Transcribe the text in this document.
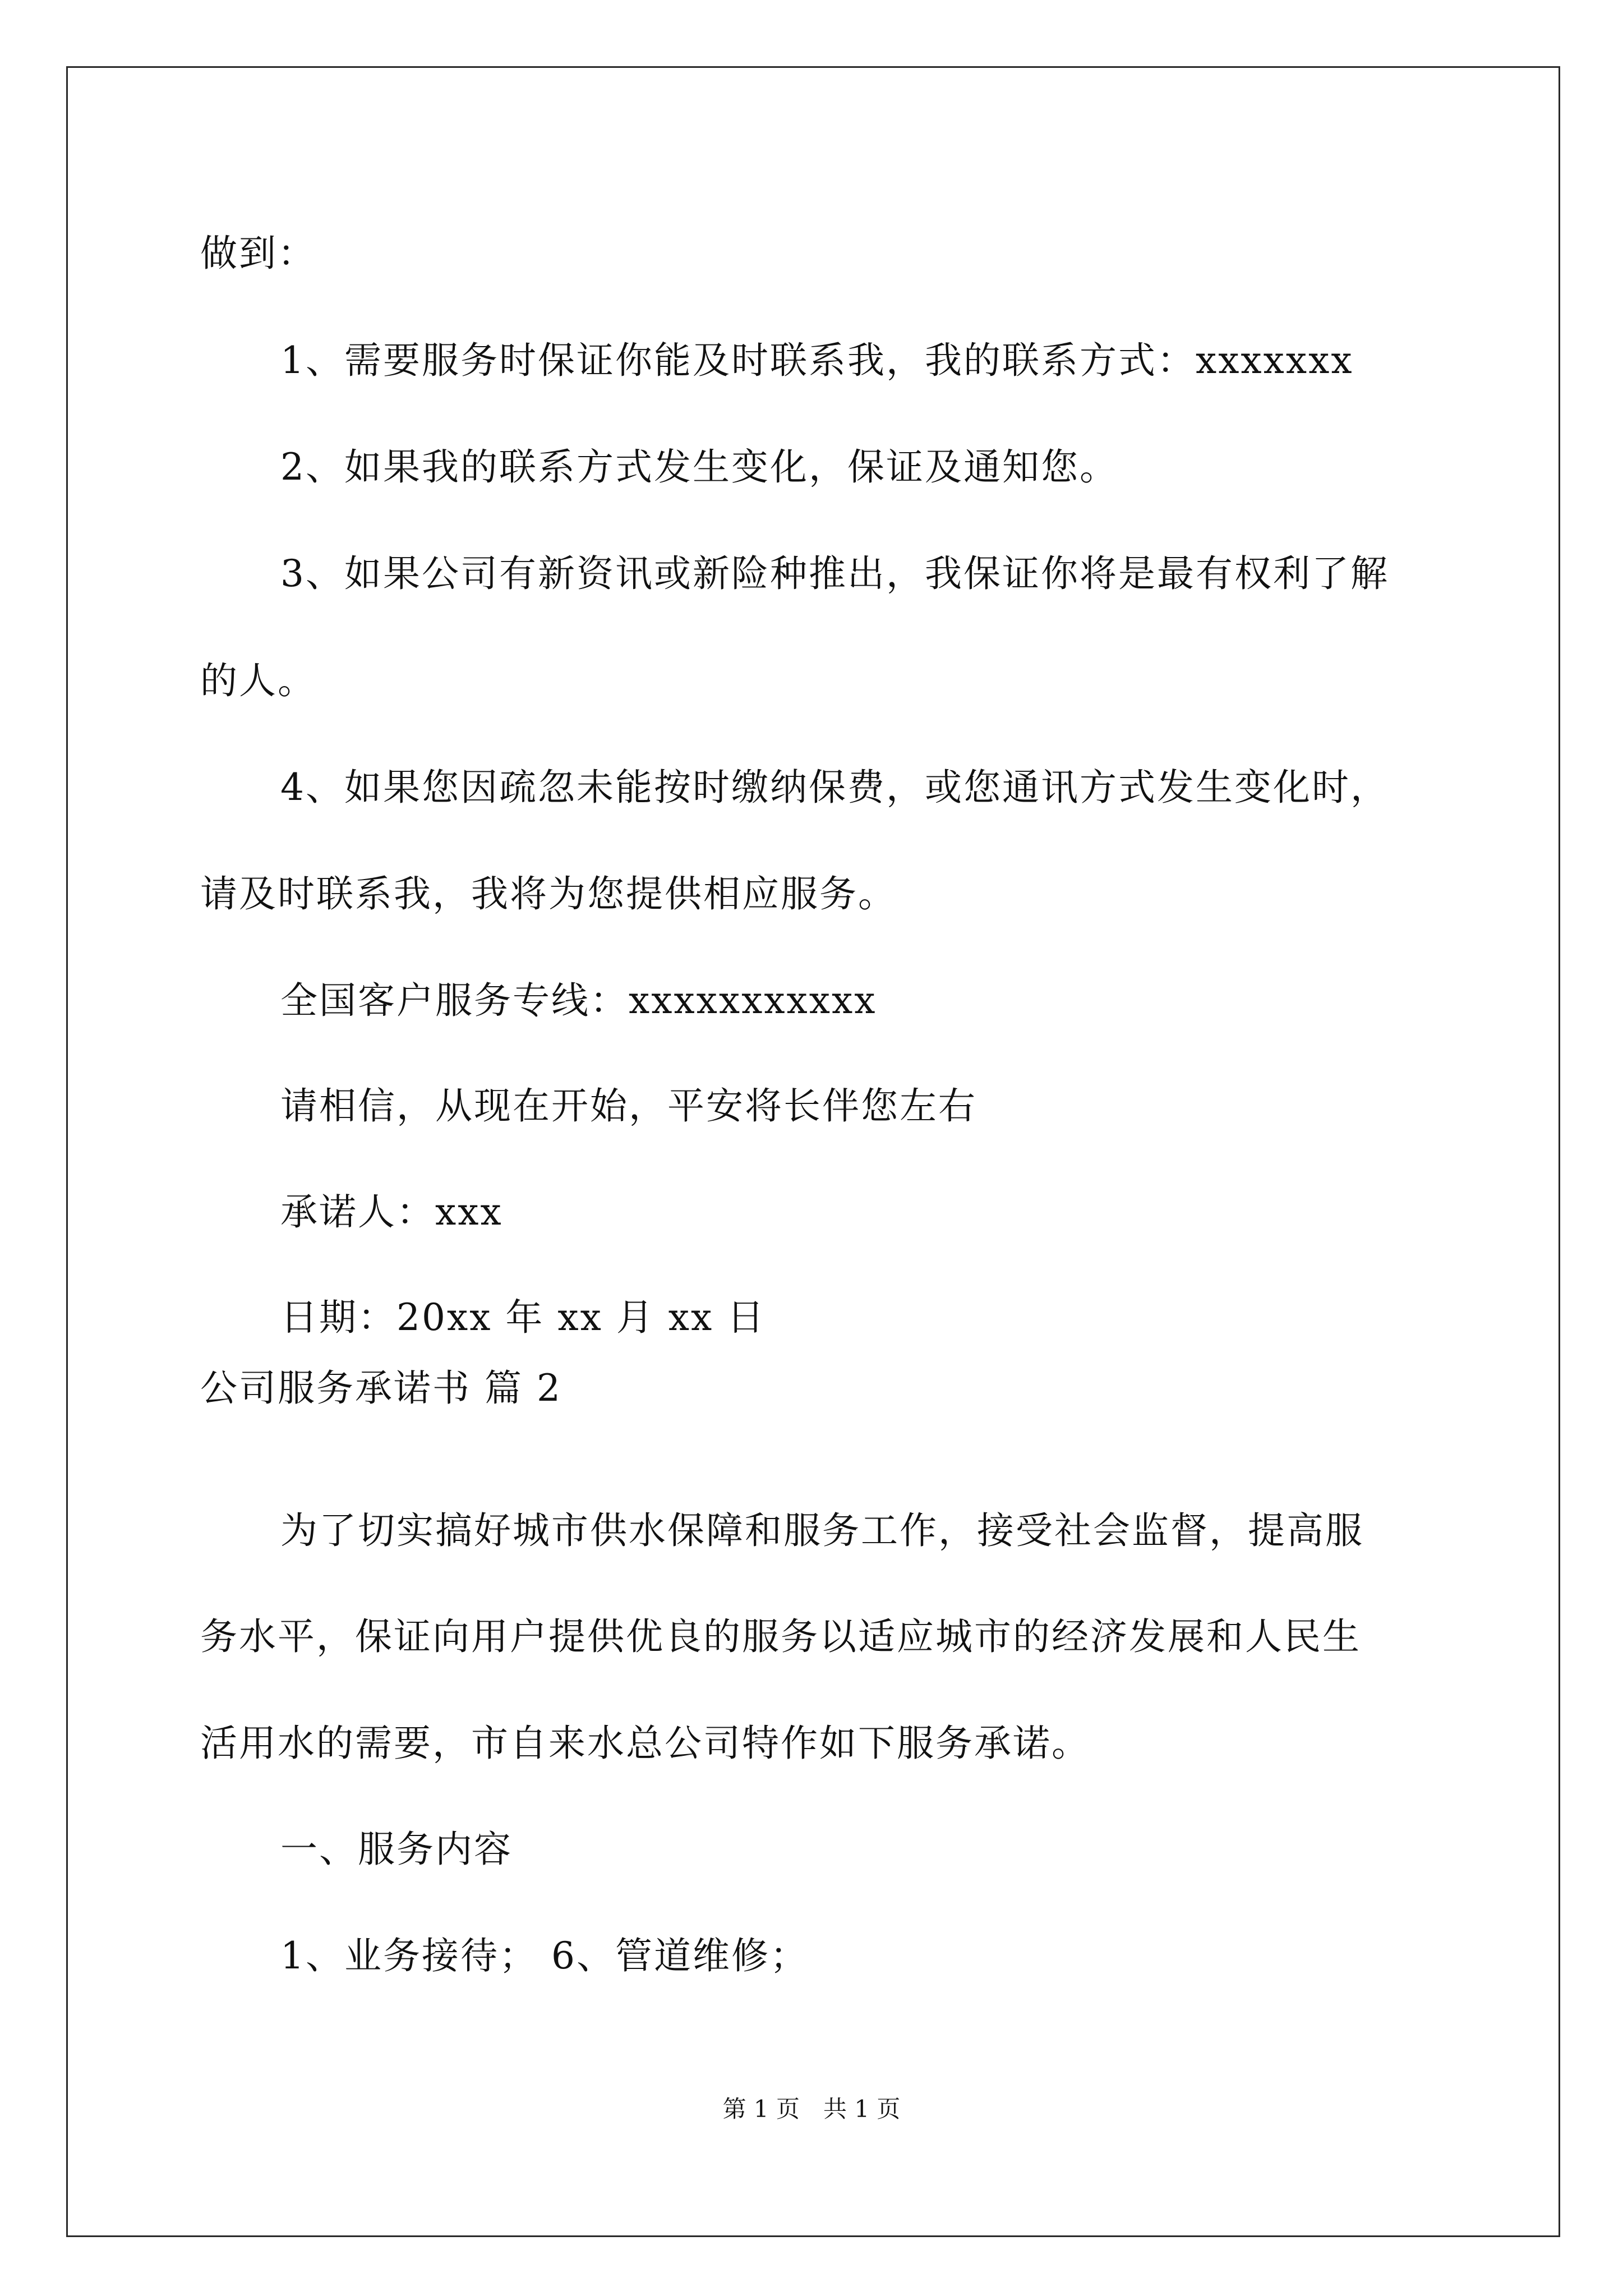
做到：

1、需要服务时保证你能及时联系我，我的联系方式：xxxxxxx

2、如果我的联系方式发生变化，保证及通知您。

3、如果公司有新资讯或新险种推出，我保证你将是最有权利了解

的人。

4、如果您因疏忽未能按时缴纳保费，或您通讯方式发生变化时，

请及时联系我，我将为您提供相应服务。

全国客户服务专线：xxxxxxxxxxx

请相信，从现在开始，平安将长伴您左右

承诺人：xxx

日期：20xx 年 xx 月 xx 日

公司服务承诺书 篇 2

为了切实搞好城市供水保障和服务工作，接受社会监督，提高服

务水平，保证向用户提供优良的服务以适应城市的经济发展和人民生

活用水的需要，市自来水总公司特作如下服务承诺。

一、服务内容

1、业务接待； 6、管道维修；

第 1 页　共 1 页
